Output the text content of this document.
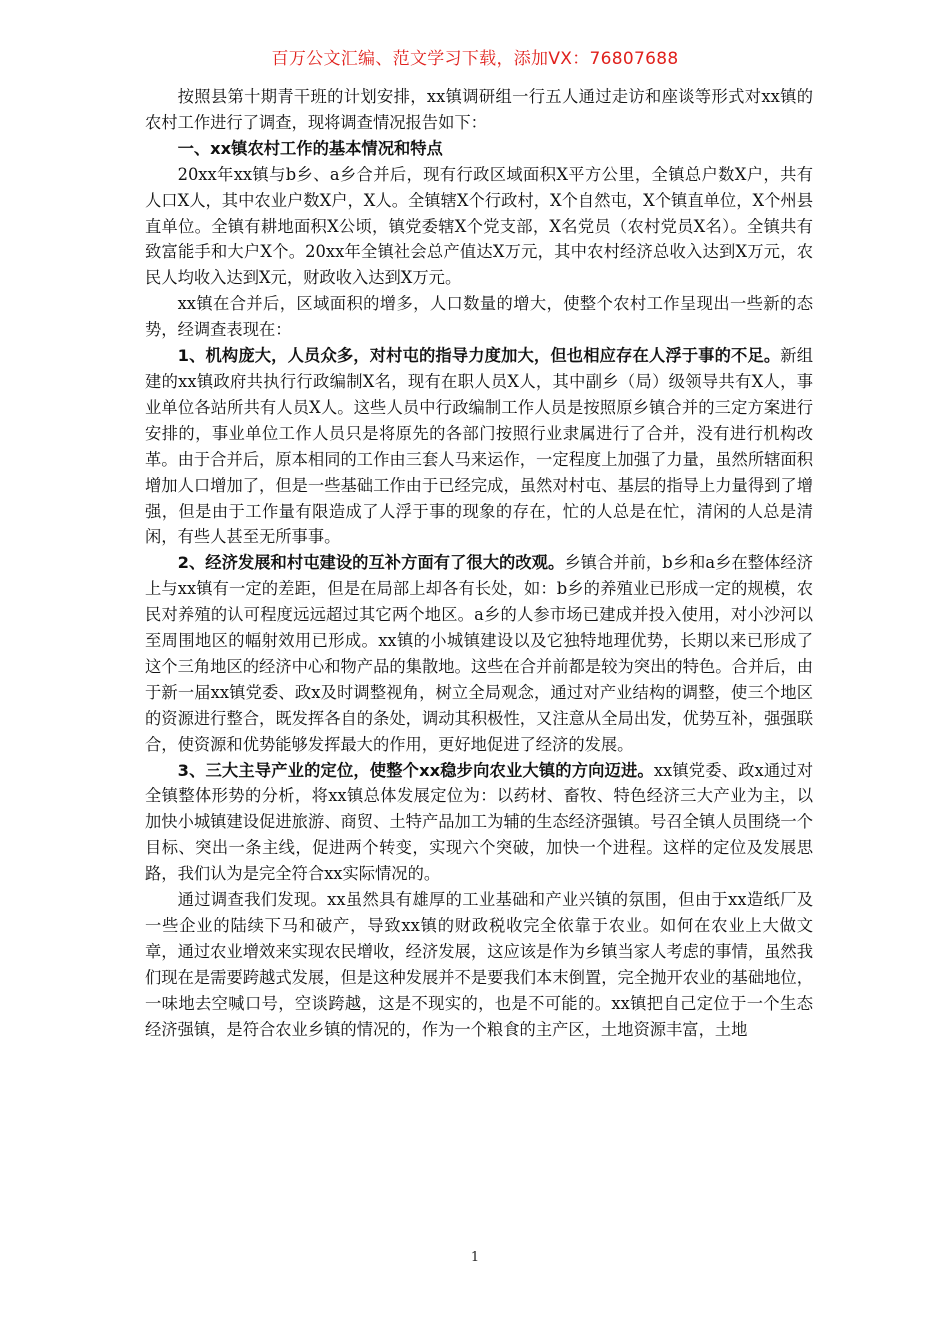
百万公文汇编、范文学习下载，添加VX：76807688

按照县第十期青干班的计划安排，xx镇调研组一行五人通过走访和座谈等形式对xx镇的农村工作进行了调查，现将调查情况报告如下：

一、xx镇农村工作的基本情况和特点

20xx年xx镇与b乡、a乡合并后，现有行政区域面积X平方公里，全镇总户数X户，共有人口X人，其中农业户数X户，X人。全镇辖X个行政村，X个自然屯，X个镇直单位，X个州县直单位。全镇有耕地面积X公顷，镇党委辖X个党支部，X名党员（农村党员X名）。全镇共有致富能手和大户X个。20xx年全镇社会总产值达X万元，其中农村经济总收入达到X万元，农民人均收入达到X元，财政收入达到X万元。

xx镇在合并后，区域面积的增多，人口数量的增大，使整个农村工作呈现出一些新的态势，经调查表现在：

1、机构庞大，人员众多，对村屯的指导力度加大，但也相应存在人浮于事的不足。新组建的xx镇政府共执行行政编制X名，现有在职人员X人，其中副乡（局）级领导共有X人，事业单位各站所共有人员X人。这些人员中行政编制工作人员是按照原乡镇合并的三定方案进行安排的，事业单位工作人员只是将原先的各部门按照行业隶属进行了合并，没有进行机构改革。由于合并后，原本相同的工作由三套人马来运作，一定程度上加强了力量，虽然所辖面积增加人口增加了，但是一些基础工作由于已经完成，虽然对村屯、基层的指导上力量得到了增强，但是由于工作量有限造成了人浮于事的现象的存在，忙的人总是在忙，清闲的人总是清闲，有些人甚至无所事事。

2、经济发展和村屯建设的互补方面有了很大的改观。乡镇合并前，b乡和a乡在整体经济上与xx镇有一定的差距，但是在局部上却各有长处，如：b乡的养殖业已形成一定的规模，农民对养殖的认可程度远远超过其它两个地区。a乡的人参市场已建成并投入使用，对小沙河以至周围地区的幅射效用已形成。xx镇的小城镇建设以及它独特地理优势，长期以来已形成了这个三角地区的经济中心和物产品的集散地。这些在合并前都是较为突出的特色。合并后，由于新一届xx镇党委、政x及时调整视角，树立全局观念，通过对产业结构的调整，使三个地区的资源进行整合，既发挥各自的条处，调动其积极性，又注意从全局出发，优势互补，强强联合，使资源和优势能够发挥最大的作用，更好地促进了经济的发展。

3、三大主导产业的定位，使整个xx稳步向农业大镇的方向迈进。xx镇党委、政x通过对全镇整体形势的分析，将xx镇总体发展定位为：以药材、畜牧、特色经济三大产业为主，以加快小城镇建设促进旅游、商贸、土特产品加工为辅的生态经济强镇。号召全镇人员围绕一个目标、突出一条主线，促进两个转变，实现六个突破，加快一个进程。这样的定位及发展思路，我们认为是完全符合xx实际情况的。

通过调查我们发现。xx虽然具有雄厚的工业基础和产业兴镇的氛围，但由于xx造纸厂及一些企业的陆续下马和破产，导致xx镇的财政税收完全依靠于农业。如何在农业上大做文章，通过农业增效来实现农民增收，经济发展，这应该是作为乡镇当家人考虑的事情，虽然我们现在是需要跨越式发展，但是这种发展并不是要我们本末倒置，完全抛开农业的基础地位，一味地去空喊口号，空谈跨越，这是不现实的，也是不可能的。xx镇把自己定位于一个生态经济强镇，是符合农业乡镇的情况的，作为一个粮食的主产区，土地资源丰富，土地

1
